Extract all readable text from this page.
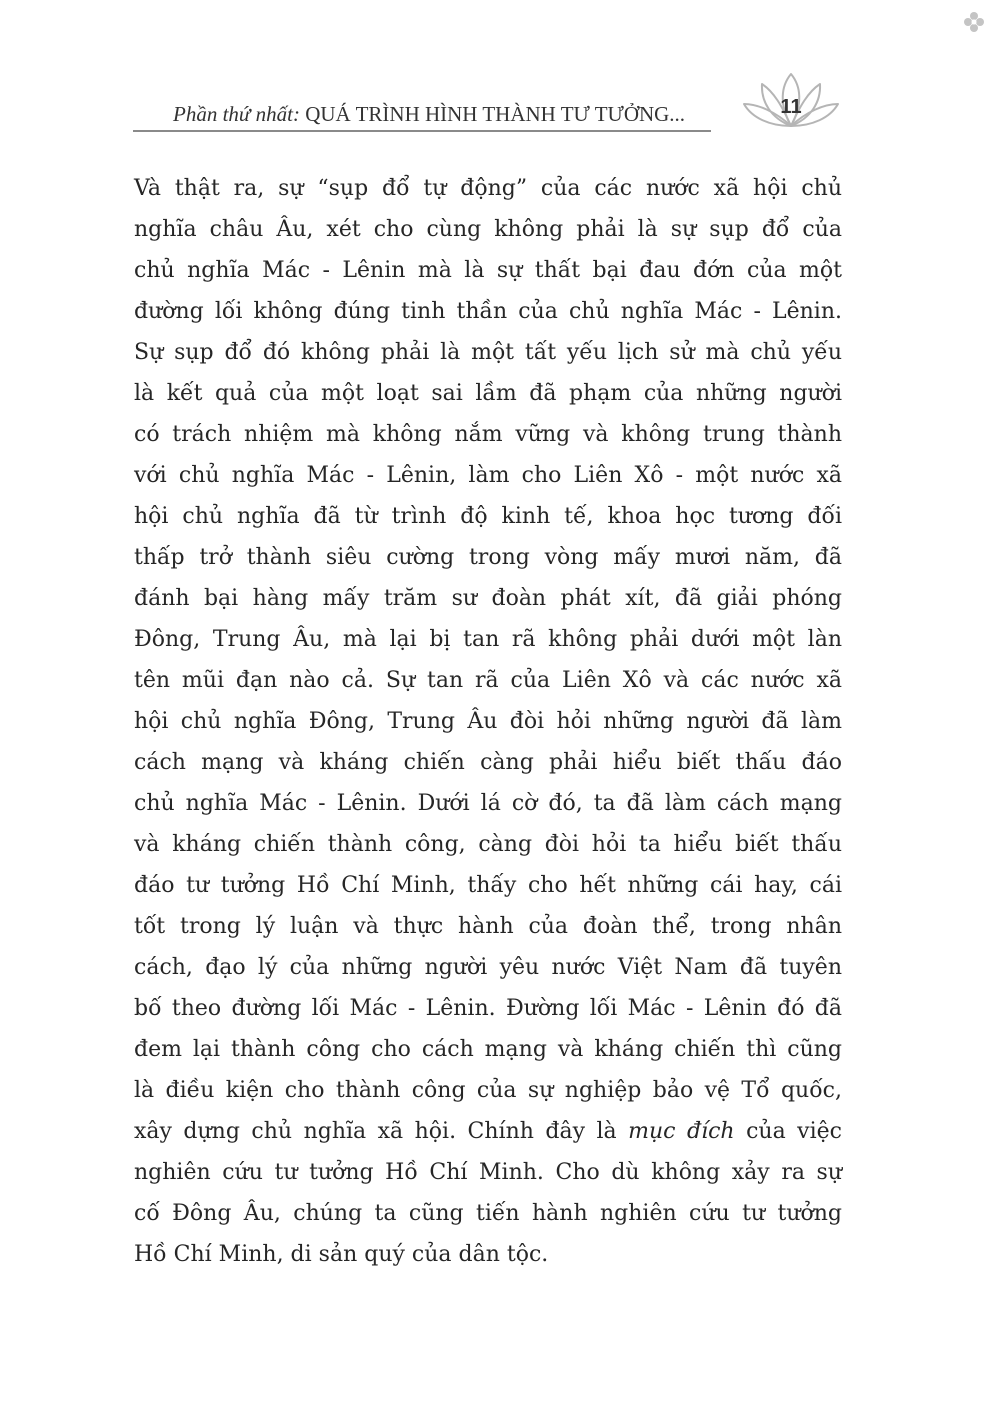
Phần thứ nhất: QUÁ TRÌNH HÌNH THÀNH TƯ TƯỞNG...	11
Và thật ra, sự “sụp đổ tự động” của các nước xã hội chủ
nghĩa châu Âu, xét cho cùng không phải là sự sụp đổ của
chủ nghĩa Mác - Lênin mà là sự thất bại đau đớn của một
đường lối không đúng tinh thần của chủ nghĩa Mác - Lênin.
Sự sụp đổ đó không phải là một tất yếu lịch sử mà chủ yếu
là kết quả của một loạt sai lầm đã phạm của những người
có trách nhiệm mà không nắm vững và không trung thành
với chủ nghĩa Mác - Lênin, làm cho Liên Xô - một nước xã
hội chủ nghĩa đã từ trình độ kinh tế, khoa học tương đối
thấp trở thành siêu cường trong vòng mấy mươi năm, đã
đánh bại hàng mấy trăm sư đoàn phát xít, đã giải phóng
Đông, Trung Âu, mà lại bị tan rã không phải dưới một làn
tên mũi đạn nào cả. Sự tan rã của Liên Xô và các nước xã
hội chủ nghĩa Đông, Trung Âu đòi hỏi những người đã làm
cách mạng và kháng chiến càng phải hiểu biết thấu đáo
chủ nghĩa Mác - Lênin. Dưới lá cờ đó, ta đã làm cách mạng
và kháng chiến thành công, càng đòi hỏi ta hiểu biết thấu
đáo tư tưởng Hồ Chí Minh, thấy cho hết những cái hay, cái
tốt trong lý luận và thực hành của đoàn thể, trong nhân
cách, đạo lý của những người yêu nước Việt Nam đã tuyên
bố theo đường lối Mác - Lênin. Đường lối Mác - Lênin đó đã
đem lại thành công cho cách mạng và kháng chiến thì cũng
là điều kiện cho thành công của sự nghiệp bảo vệ Tổ quốc,
xây dựng chủ nghĩa xã hội. Chính đây là mục đích của việc
nghiên cứu tư tưởng Hồ Chí Minh. Cho dù không xảy ra sự
cố Đông Âu, chúng ta cũng tiến hành nghiên cứu tư tưởng
Hồ Chí Minh, di sản quý của dân tộc.
